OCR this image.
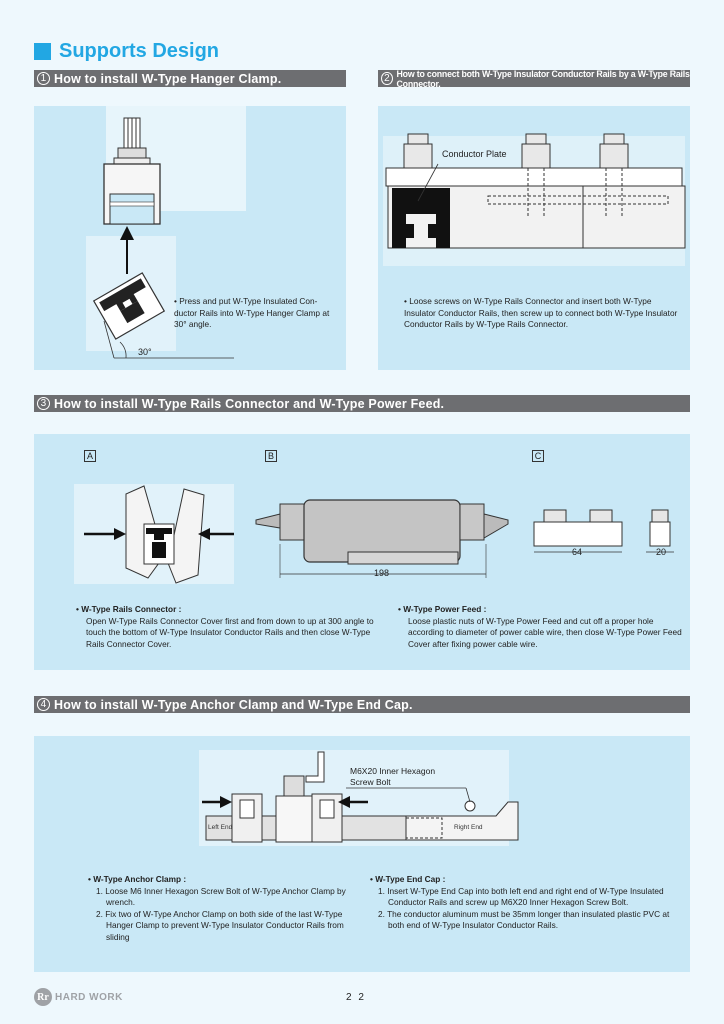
Supports Design
1 How to install W-Type Hanger Clamp.	2 How to connect both W-Type Insulator Conductor Rails by a W-Type Rails Connector.
30°
• Press and put W-Type Insulated Con-ductor Rails into W-Type Hanger Clamp at 30° angle.
Conductor Plate
• Loose screws on W-Type Rails Connector and insert both W-Type Insulator Conductor Rails, then screw up to connect both W-Type Insulator Conductor Rails by W-Type Rails Connector.
3 How to install W-Type Rails Connector and W-Type Power Feed.
A	B	C
198
64	20
• W-Type Rails Connector :
Open W-Type Rails Connector Cover first and from down to up at 300 angle to touch the bottom of W-Type Insulator Conductor Rails and then close W-Type Rails Connector Cover.
• W-Type Power Feed :
Loose plastic nuts of W-Type Power Feed and cut off a proper hole according to diameter of power cable wire, then close W-Type Power Feed Cover after fixing power cable wire.
4 How to install W-Type Anchor Clamp and W-Type End Cap.
M6X20 Inner Hexagon
Screw Bolt
Left End	Right End
• W-Type Anchor Clamp :
1. Loose M6 Inner Hexagon Screw Bolt of W-Type Anchor Clamp by wrench.
2. Fix two of W-Type Anchor Clamp on both side of the last W-Type Hanger Clamp to prevent W-Type Insulator Conductor Rails from sliding
• W-Type End Cap :
1. Insert W-Type End Cap into both left end and right end of W-Type Insulated Conductor Rails and screw up M6X20 Inner Hexagon Screw Bolt.
2. The conductor aluminum must be 35mm longer than insulated plastic PVC at both end of W-Type Insulator Conductor Rails.
Rr HARD WORK	2 2
